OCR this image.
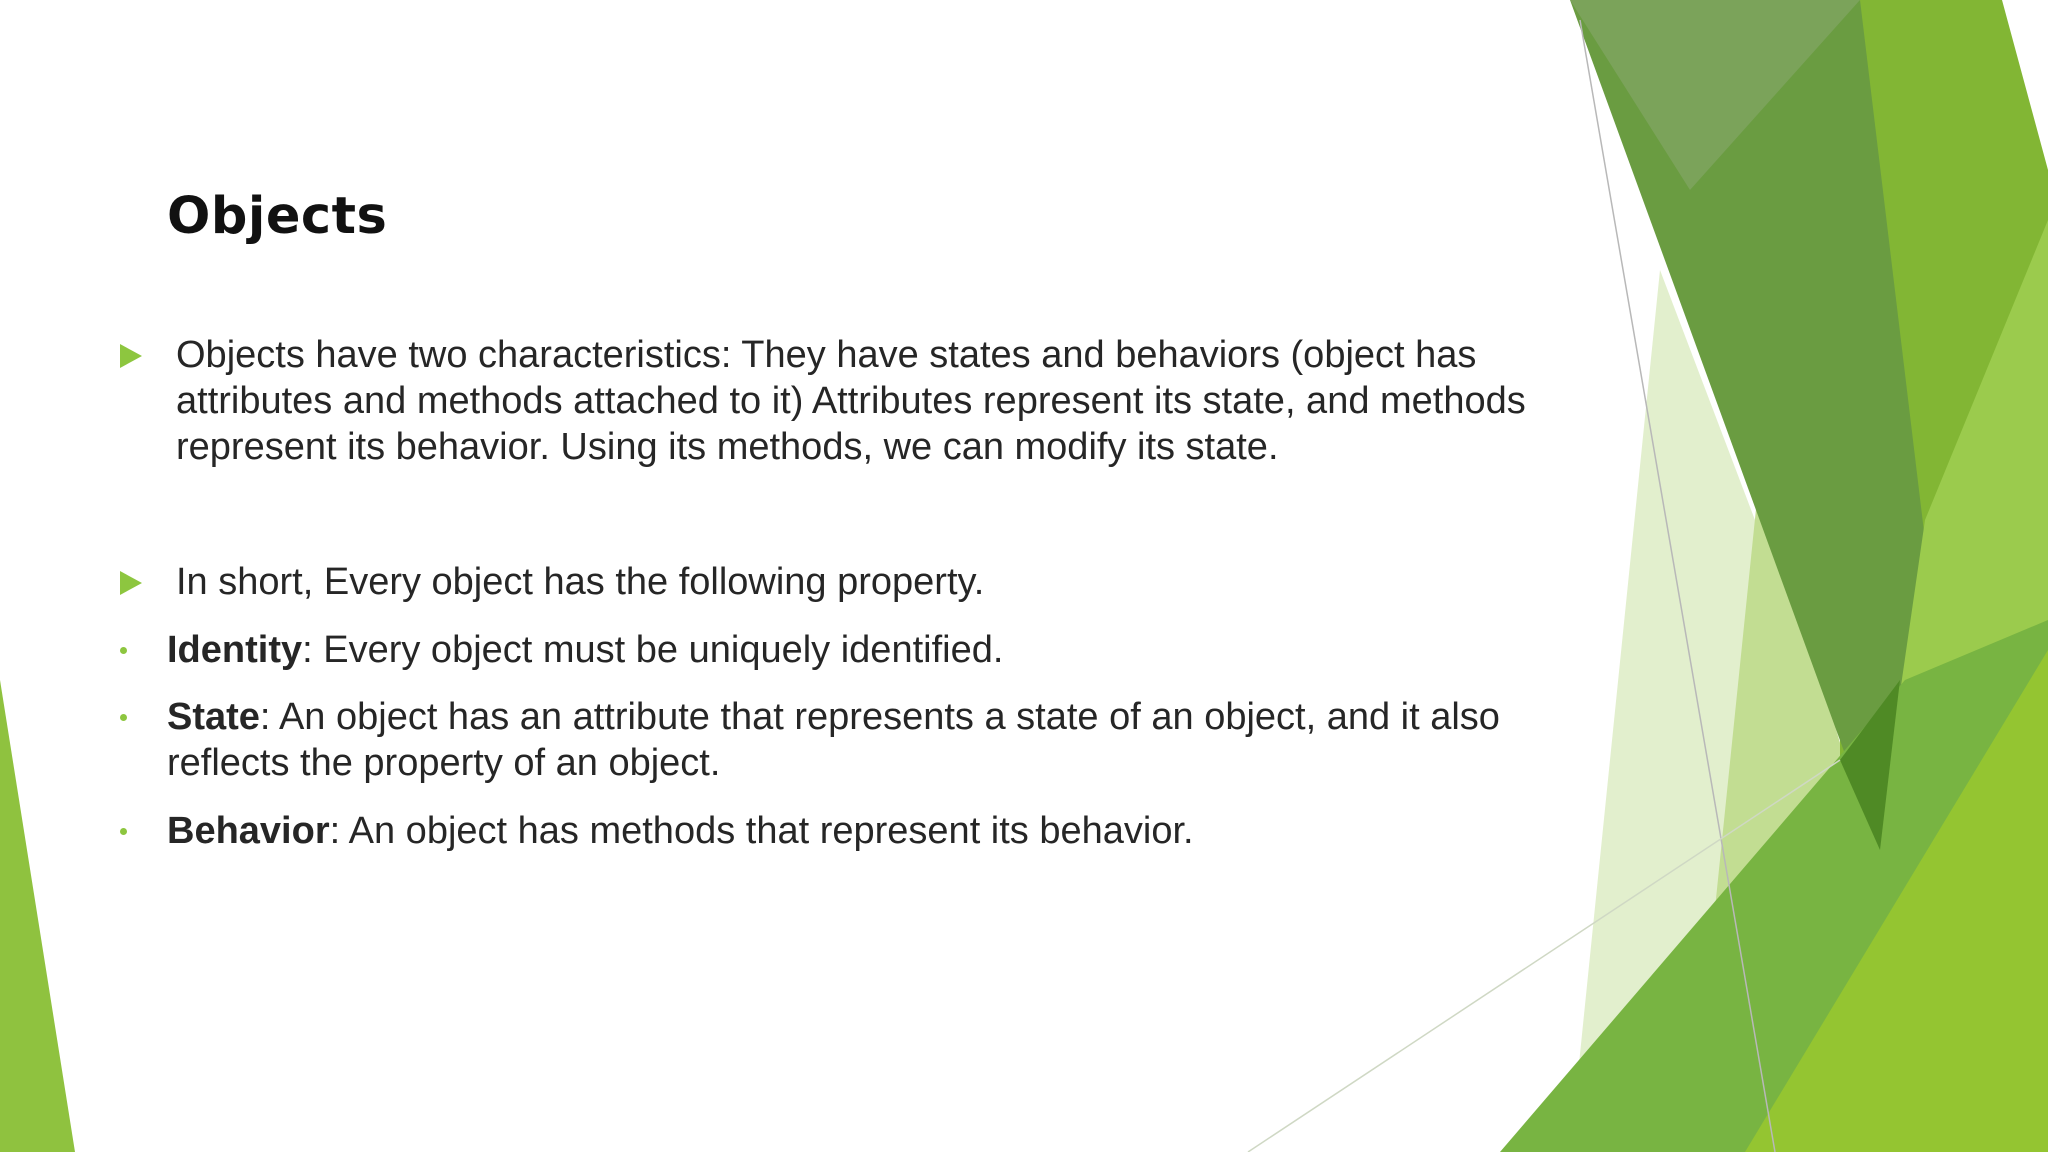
Objects
Objects have two characteristics: They have states and behaviors (object has attributes and methods attached to it) Attributes represent its state, and methods represent its behavior. Using its methods, we can modify its state.
In short, Every object has the following property.
Identity: Every object must be uniquely identified.
State: An object has an attribute that represents a state of an object, and it also reflects the property of an object.
Behavior: An object has methods that represent its behavior.
